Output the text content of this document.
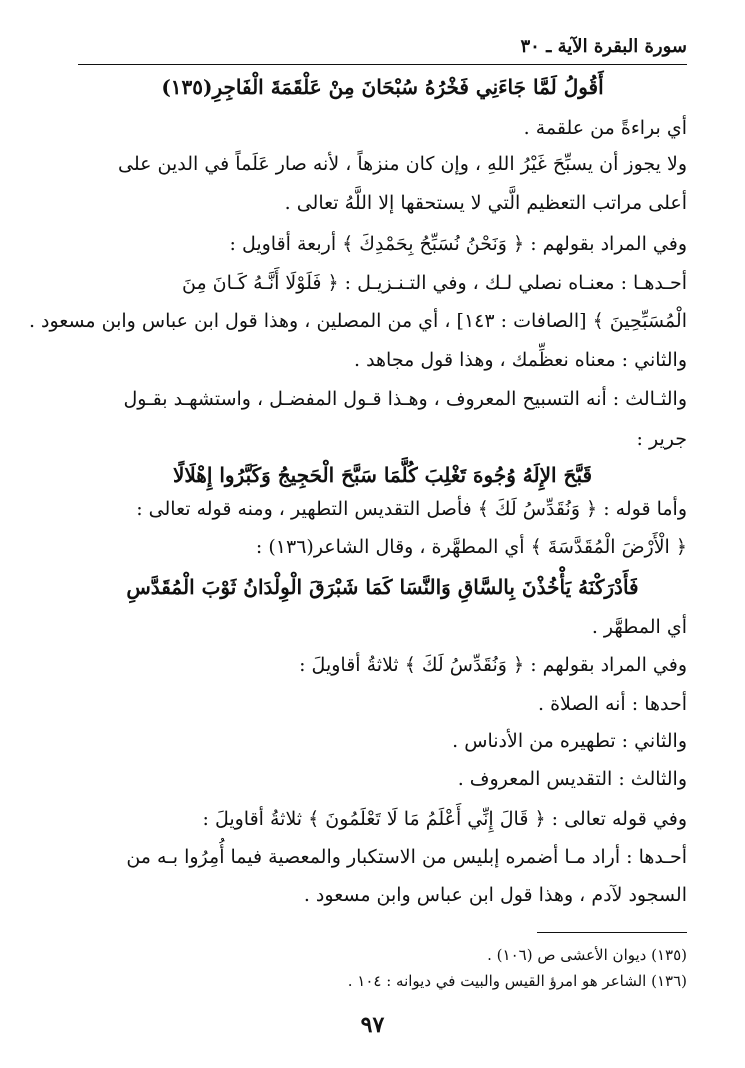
سورة البقرة الآية ـ ٣٠
أَقُولُ لَمَّا جَاءَنِي فَخْرُهُ سُبْحَانَ مِنْ عَلْقَمَةَ الْفَاجِرِ(١٣٥)
أي براءةً من علقمة .
ولا يجوز أن يسبِّحَ غَيْرُ اللهِ ، وإن كان منزهاً ، لأنه صار عَلَماً في الدين على
أعلى مراتب التعظيم الَّتي لا يستحقها إلا اللَّهُ تعالى .
وفي المراد بقولهم : ﴿ وَنَحْنُ نُسَبِّحُ بِحَمْدِكَ ﴾ أربعة أقاويل :
أحـدهـا : معنـاه نصلي لـك ، وفي التـنـزيـل : ﴿ فَلَوْلَا أَنَّـهُ كَـانَ مِنَ
الْمُسَبِّحِينَ ﴾ [الصافات : ١٤٣] ، أي من المصلين ، وهذا قول ابن عباس وابن مسعود .
والثاني : معناه نعظِّمك ، وهذا قول مجاهد .
والثـالث : أنه التسبيح المعروف ، وهـذا قـول المفضـل ، واستشهـد بقـول
جرير :
قَبَّحَ الإِلَهُ وُجُوهَ تَغْلِبَ كُلَّمَا سَبَّحَ الْحَجِيجُ وَكَبَّرُوا إِهْلَالًا
وأما قوله : ﴿ وَنُقَدِّسُ لَكَ ﴾ فأصل التقديس التطهير ، ومنه قوله تعالى :
﴿ الْأَرْضَ الْمُقَدَّسَةَ ﴾ أي المطهَّرة ، وقال الشاعر(١٣٦) :
فَأَدْرَكْنَهُ يَأْخُذْنَ بِالسَّاقِ وَالنَّسَا كَمَا شَبْرَقَ الْوِلْدَانُ ثَوْبَ الْمُقَدَّسِ
أي المطهَّر .
وفي المراد بقولهم : ﴿ وَنُقَدِّسُ لَكَ ﴾ ثلاثةُ أقاويلَ :
أحدها : أنه الصلاة .
والثاني : تطهيره من الأدناس .
والثالث : التقديس المعروف .
وفي قوله تعالى : ﴿ قَالَ إِنِّي أَعْلَمُ مَا لَا تَعْلَمُونَ ﴾ ثلاثةُ أقاويلَ :
أحـدها : أراد مـا أضمره إبليس من الاستكبار والمعصية فيما أُمِرُوا بـه من
السجود لآدم ، وهذا قول ابن عباس وابن مسعود .
(١٣٥) ديوان الأعشى ص (١٠٦) .
(١٣٦) الشاعر هو امرؤ القيس والبيت في ديوانه : ١٠٤ .
٩٧
